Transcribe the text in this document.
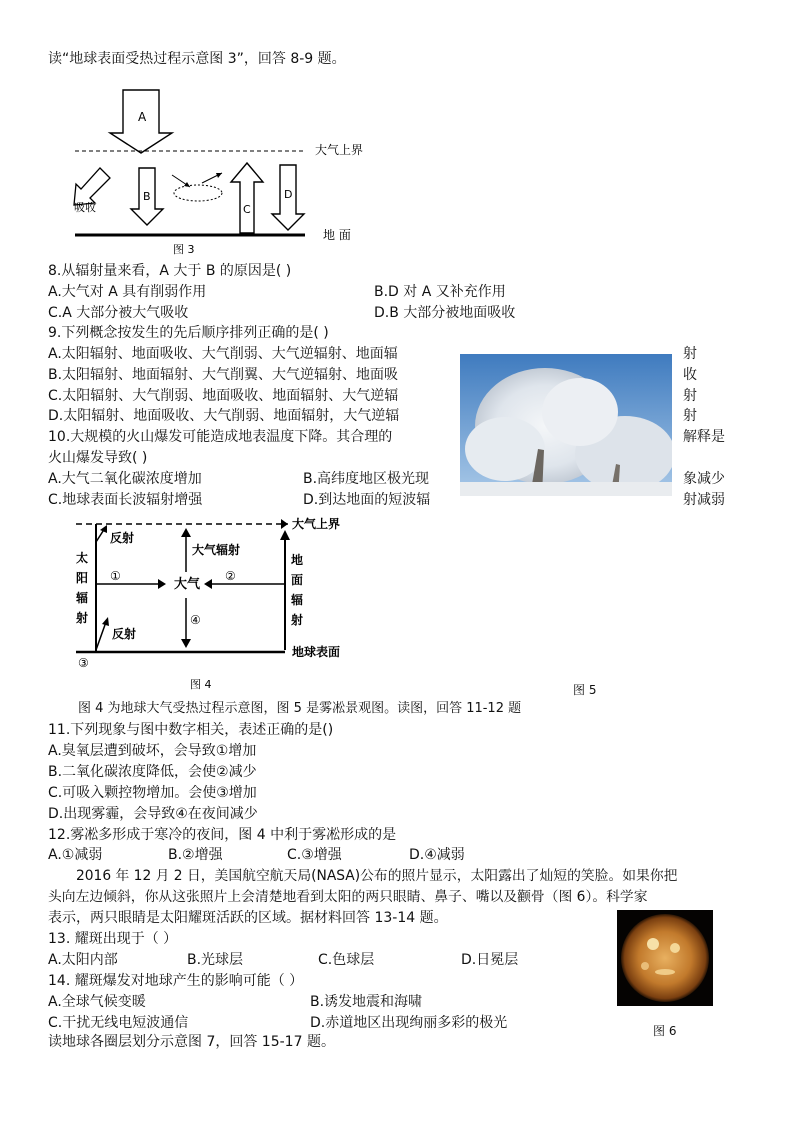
读“地球表面受热过程示意图 3”，回答 8-9 题。
A
大气上界
B
吸收	C
D
地 面
图 3
8.从辐射量来看，A 大于 B 的原因是( )
A.大气对 A 具有削弱作用	B.D 对 A 又补充作用
C.A 大部分被大气吸收	D.B 大部分被地面吸收
9.下列概念按发生的先后顺序排列正确的是( )
A.太阳辐射、地面吸收、大气削弱、大气逆辐射、地面辐	射
B.太阳辐射、地面辐射、大气削翼、大气逆辐射、地面吸	收
C.太阳辐射、大气削弱、地面吸收、地面辐射、大气逆辐	射
D.太阳辐射、地面吸收、大气削弱、地面辐射，大气逆辐	射
10.大规模的火山爆发可能造成地表温度下降。其合理的	解释是
火山爆发导致( )
A.大气二氧化碳浓度增加	B.高纬度地区极光现	象减少
C.地球表面长波辐射增强	D.到达地面的短波辐	射减弱
大气上界
太
阳
辐
射
地
面
辐
射
反射
①
大气
②
大气辐射
④
反射
③
地球表面
图 4	图 5
图 4 为地球大气受热过程示意图，图 5 是雾凇景观图。读图，回答 11-12 题
11.下列现象与图中数字相关，表述正确的是()
A.臭氧层遭到破坏，会导致①增加
B.二氧化碳浓度降低，会使②减少
C.可吸入颗控物增加。会使③增加
D.出现雾霾，会导致④在夜间减少
12.雾凇多形成于寒冷的夜间，图 4 中利于雾凇形成的是
A.①减弱	B.②增强	C.③增强	D.④减弱
2016 年 12 月 2 日，美国航空航天局(NASA)公布的照片显示，太阳露出了灿短的笑脸。如果你把
头向左边倾斜，你从这张照片上会清楚地看到太阳的两只眼睛、鼻子、嘴以及颧骨（图 6）。科学家
表示，两只眼睛是太阳耀斑活跃的区域。据材料回答 13-14 题。
13. 耀斑出现于（ ）
A.太阳内部	B.光球层	C.色球层	D.日冕层
14. 耀斑爆发对地球产生的影响可能（ ）
A.全球气候变暖	B.诱发地震和海啸
C.干扰无线电短波通信	D.赤道地区出现绚丽多彩的极光	图 6
读地球各圈层划分示意图 7，回答 15-17 题。
